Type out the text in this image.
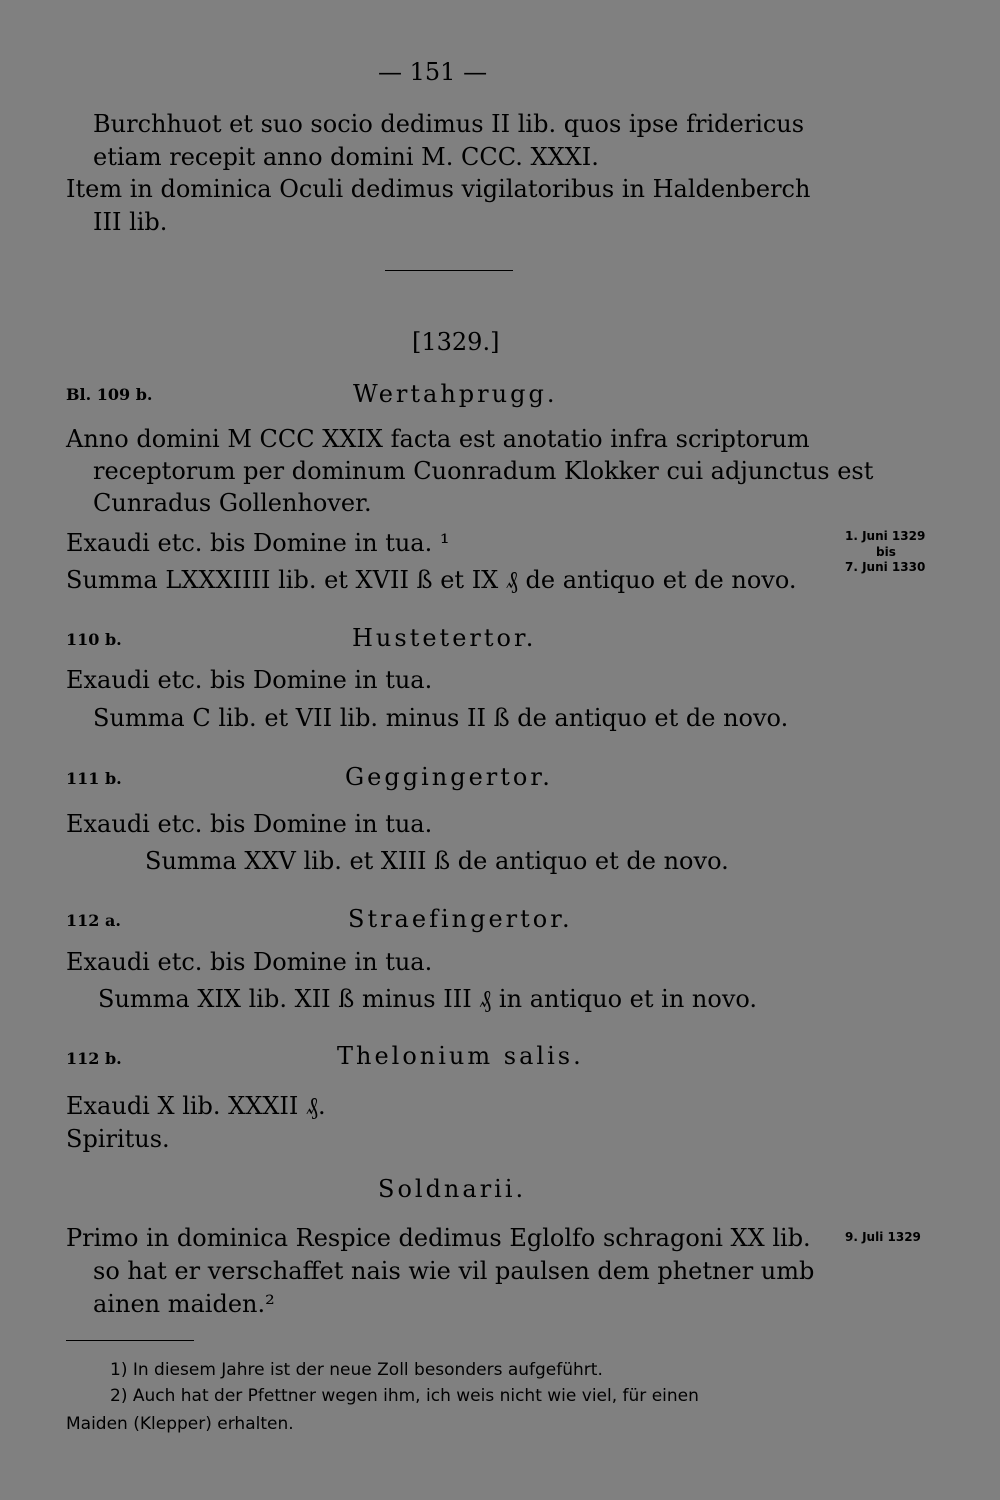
— 151 —
Burchhuot et suo socio dedimus II lib. quos ipse fridericus
etiam recepit anno domini M. CCC. XXXI.
Item in dominica Oculi dedimus vigilatoribus in Haldenberch
III lib.
[1329.]
Bl. 109 b.	Wertahprugg.
Anno domini M CCC XXIX facta est anotatio infra scriptorum
receptorum per dominum Cuonradum Klokker cui adjunctus est
Cunradus Gollenhover.
Exaudi etc. bis Domine in tua. ¹	1. Juni 1329
bis
7. Juni 1330
Summa LXXXIIII lib. et XVII ß et IX ₰ de antiquo et de novo.
110 b.	Hustetertor.
Exaudi etc. bis Domine in tua.
Summa C lib. et VII lib. minus II ß de antiquo et de novo.
111 b.	Geggingertor.
Exaudi etc. bis Domine in tua.
Summa XXV lib. et XIII ß de antiquo et de novo.
112 a.	Straefingertor.
Exaudi etc. bis Domine in tua.
Summa XIX lib. XII ß minus III ₰ in antiquo et in novo.
112 b.	Thelonium salis.
Exaudi X lib. XXXII ₰.
Spiritus.
Soldnarii.
Primo in dominica Respice dedimus Eglolfo schragoni XX lib.	9. Juli 1329
so hat er verschaffet nais wie vil paulsen dem phetner umb
ainen maiden.²
1) In diesem Jahre ist der neue Zoll besonders aufgeführt.
2) Auch hat der Pfettner wegen ihm, ich weis nicht wie viel, für einen
Maiden (Klepper) erhalten.
